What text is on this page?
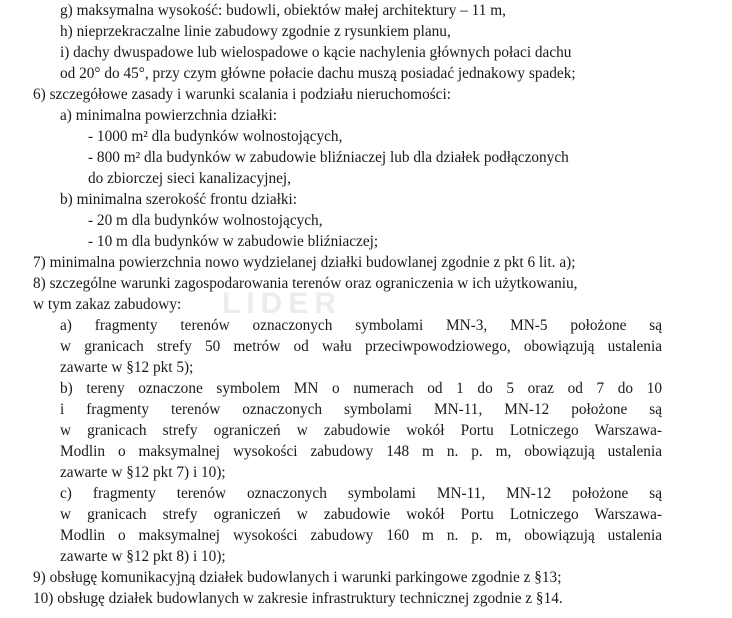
LIDER
g) maksymalna wysokość: budowli, obiektów małej architektury – 11 m,
h) nieprzekraczalne linie zabudowy zgodnie z rysunkiem planu,
i) dachy dwuspadowe lub wielospadowe o kącie nachylenia głównych połaci dachu
od 20° do 45°, przy czym główne połacie dachu muszą posiadać jednakowy spadek;
6) szczegółowe zasady i warunki scalania i podziału nieruchomości:
a) minimalna powierzchnia działki:
- 1000 m² dla budynków wolnostojących,
- 800 m² dla budynków w zabudowie bliźniaczej lub dla działek podłączonych
do zbiorczej sieci kanalizacyjnej,
b) minimalna szerokość frontu działki:
- 20 m dla budynków wolnostojących,
- 10 m dla budynków w zabudowie bliźniaczej;
7) minimalna powierzchnia nowo wydzielanej działki budowlanej zgodnie z pkt 6 lit. a);
8) szczególne warunki zagospodarowania terenów oraz ograniczenia w ich użytkowaniu,
w tym zakaz zabudowy:
a) fragmenty terenów oznaczonych symbolami MN-3, MN-5 położone są
w granicach strefy 50 metrów od wału przeciwpowodziowego, obowiązują ustalenia
zawarte w §12 pkt 5);
b) tereny oznaczone symbolem MN o numerach od 1 do 5 oraz od 7 do 10
i fragmenty terenów oznaczonych symbolami MN-11, MN-12 położone są
w granicach strefy ograniczeń w zabudowie wokół Portu Lotniczego Warszawa-
Modlin o maksymalnej wysokości zabudowy 148 m n. p. m, obowiązują ustalenia
zawarte w §12 pkt 7) i 10);
c) fragmenty terenów oznaczonych symbolami MN-11, MN-12 położone są
w granicach strefy ograniczeń w zabudowie wokół Portu Lotniczego Warszawa-
Modlin o maksymalnej wysokości zabudowy 160 m n. p. m, obowiązują ustalenia
zawarte w §12 pkt 8) i 10);
9) obsługę komunikacyjną działek budowlanych i warunki parkingowe zgodnie z §13;
10) obsługę działek budowlanych w zakresie infrastruktury technicznej zgodnie z §14.
